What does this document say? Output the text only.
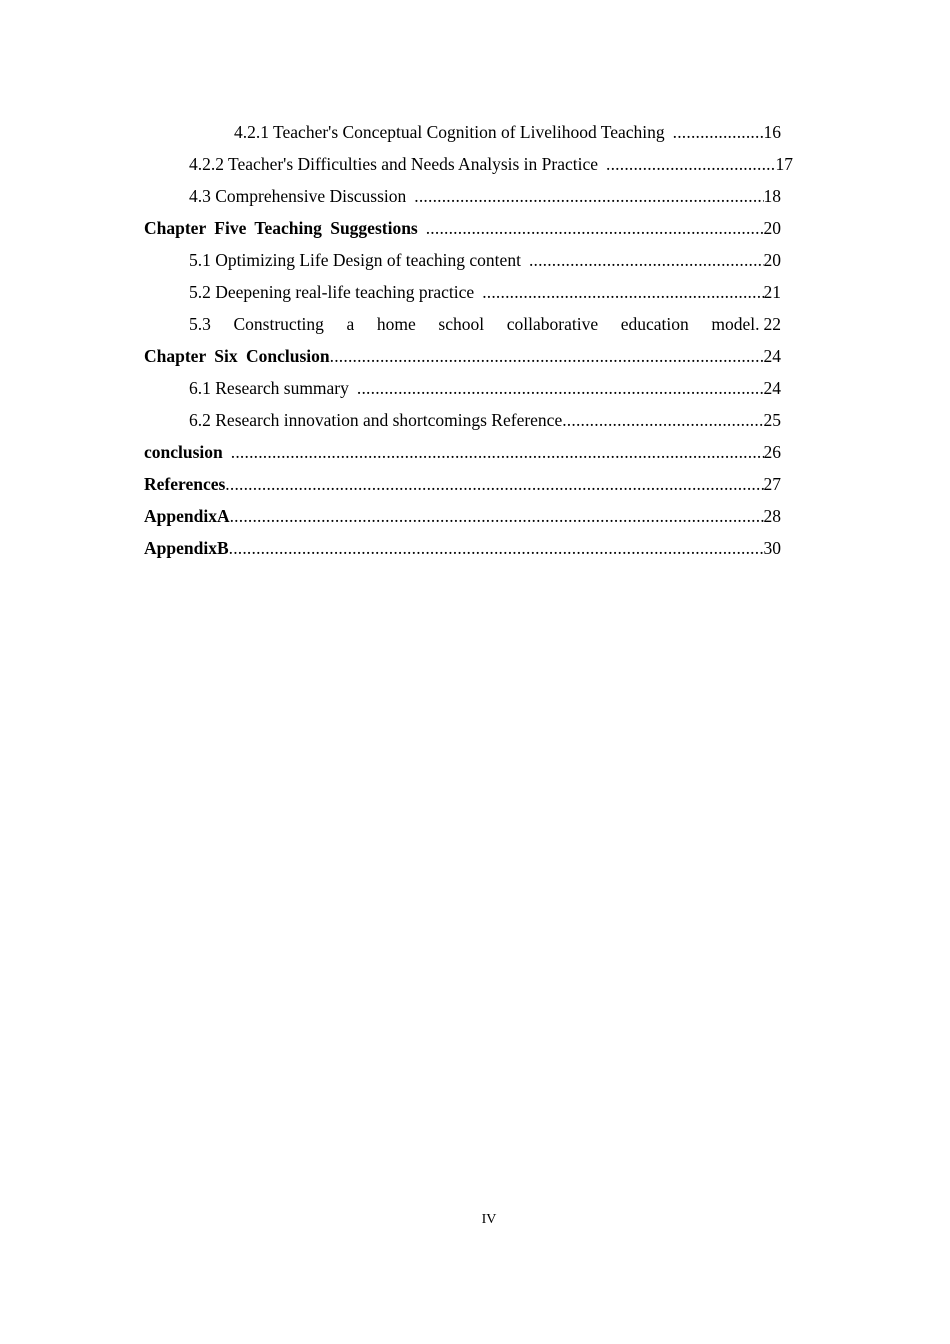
4.2.1 Teacher's Conceptual Cognition of Livelihood Teaching .....	16
4.2.2 Teacher's Difficulties and Needs Analysis in Practice .....	17
4.3 Comprehensive Discussion .....	18
Chapter Five Teaching Suggestions .....	20
5.1 Optimizing Life Design of teaching content .....	20
5.2 Deepening real-life teaching practice .....	21
5.3 Constructing a home school collaborative education model. 22
Chapter Six Conclusion .....	24
6.1 Research summary .....	24
6.2 Research innovation and shortcomings Reference .....	25
conclusion .....	26
References .....	27
AppendixA .....	28
AppendixB .....	30
IV
